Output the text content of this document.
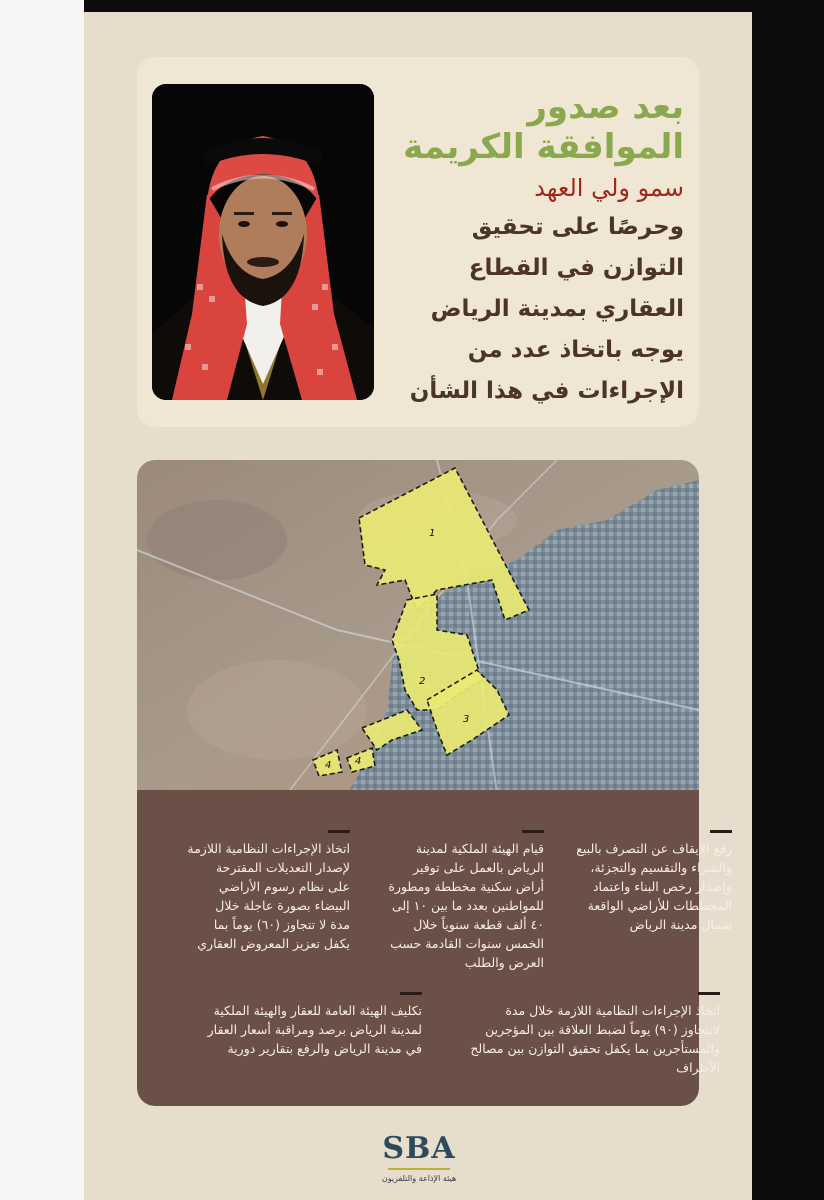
بعد صدور
الموافقة الكريمة
سمو ولي العهد
وحرصًا على تحقيق
التوازن في القطاع
العقاري بمدينة الرياض
يوجه باتخاذ عدد من
الإجراءات في هذا الشأن
1
2
3
4 4
رفع الإيقاف عن التصرف بالبيع
والشراء والتقسيم والتجزئة،
وإصدار رخص البناء واعتماد
المخططات للأراضي الواقعة
شمال مدينة الرياض
قيام الهيئة الملكية لمدينة
الرياض بالعمل على توفير
أراض سكنية مخططة ومطورة
للمواطنين بعدد ما بين ١٠ إلى
٤٠ ألف قطعة سنوياً خلال
الخمس سنوات القادمة حسب
العرض والطلب
اتخاذ الإجراءات النظامية اللازمة
لإصدار التعديلات المقترحة
على نظام رسوم الأراضي
البيضاء بصورة عاجلة خلال
مدة لا تتجاوز (٦٠) يوماً بما
يكفل تعزيز المعروض العقاري
اتخاذ الإجراءات النظامية اللازمة خلال مدة
لاتتجاوز (٩٠) يوماً لضبط العلاقة بين المؤجرين
والمستأجرين بما يكفل تحقيق التوازن بين مصالح
الأطراف
تكليف الهيئة العامة للعقار والهيئة الملكية
لمدينة الرياض برصد ومراقبة أسعار العقار
في مدينة الرياض والرفع بتقارير دورية
SBA
هيئة الإذاعة والتلفزيون
